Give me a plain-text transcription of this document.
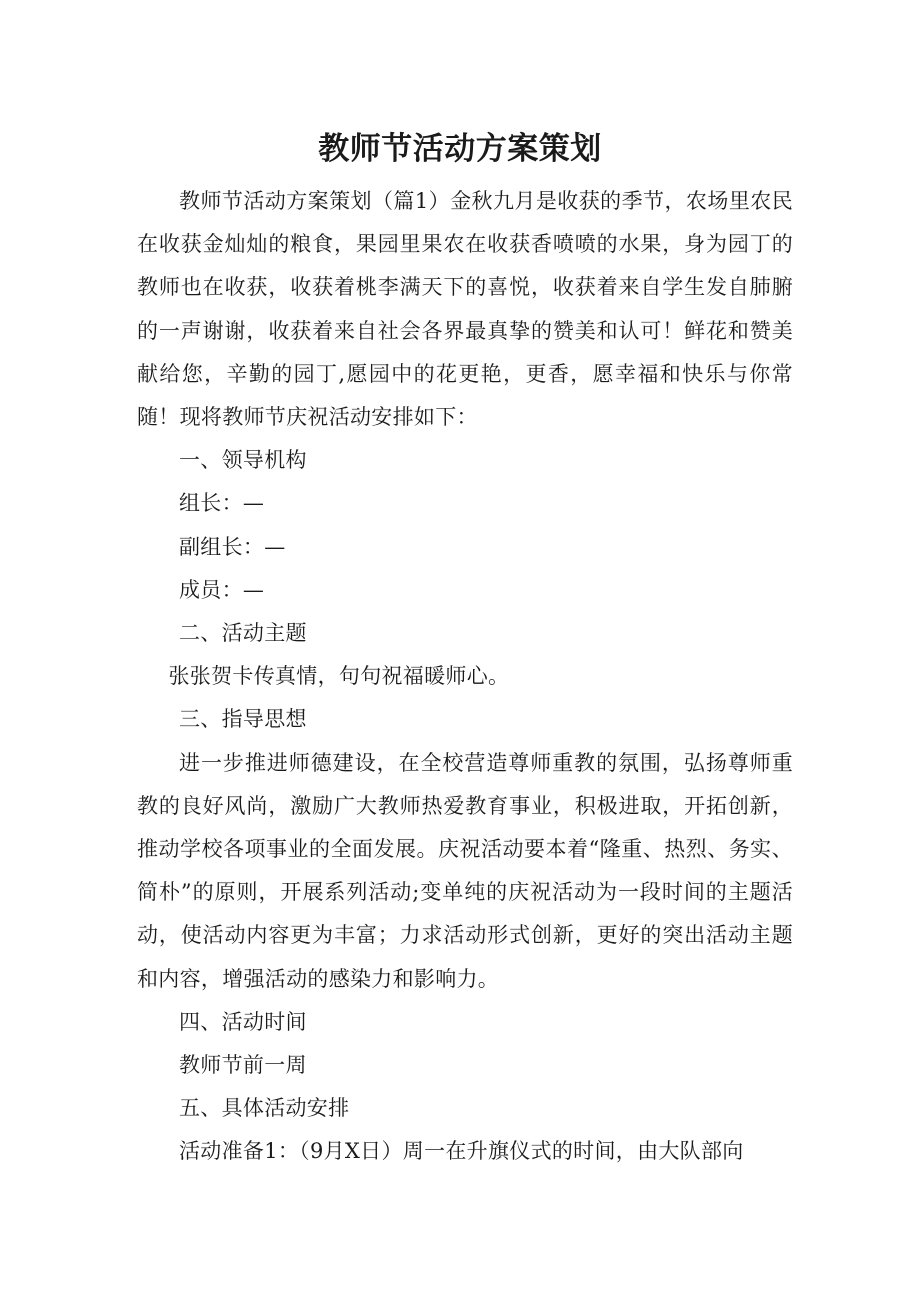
教师节活动方案策划

教师节活动方案策划（篇1）金秋九月是收获的季节，农场里农民在收获金灿灿的粮食，果园里果农在收获香喷喷的水果，身为园丁的教师也在收获，收获着桃李满天下的喜悦，收获着来自学生发自肺腑的一声谢谢，收获着来自社会各界最真挚的赞美和认可！鲜花和赞美献给您，辛勤的园丁,愿园中的花更艳，更香，愿幸福和快乐与你常随！现将教师节庆祝活动安排如下：

一、领导机构

组长：—

副组长：—

成员：—

二、活动主题

张张贺卡传真情，句句祝福暖师心。

三、指导思想

进一步推进师德建设，在全校营造尊师重教的氛围，弘扬尊师重教的良好风尚，激励广大教师热爱教育事业，积极进取，开拓创新，推动学校各项事业的全面发展。庆祝活动要本着“隆重、热烈、务实、简朴”的原则，开展系列活动;变单纯的庆祝活动为一段时间的主题活动，使活动内容更为丰富；力求活动形式创新，更好的突出活动主题和内容，增强活动的感染力和影响力。

四、活动时间

教师节前一周

五、具体活动安排

活动准备1：（9月X日）周一在升旗仪式的时间，由大队部向
